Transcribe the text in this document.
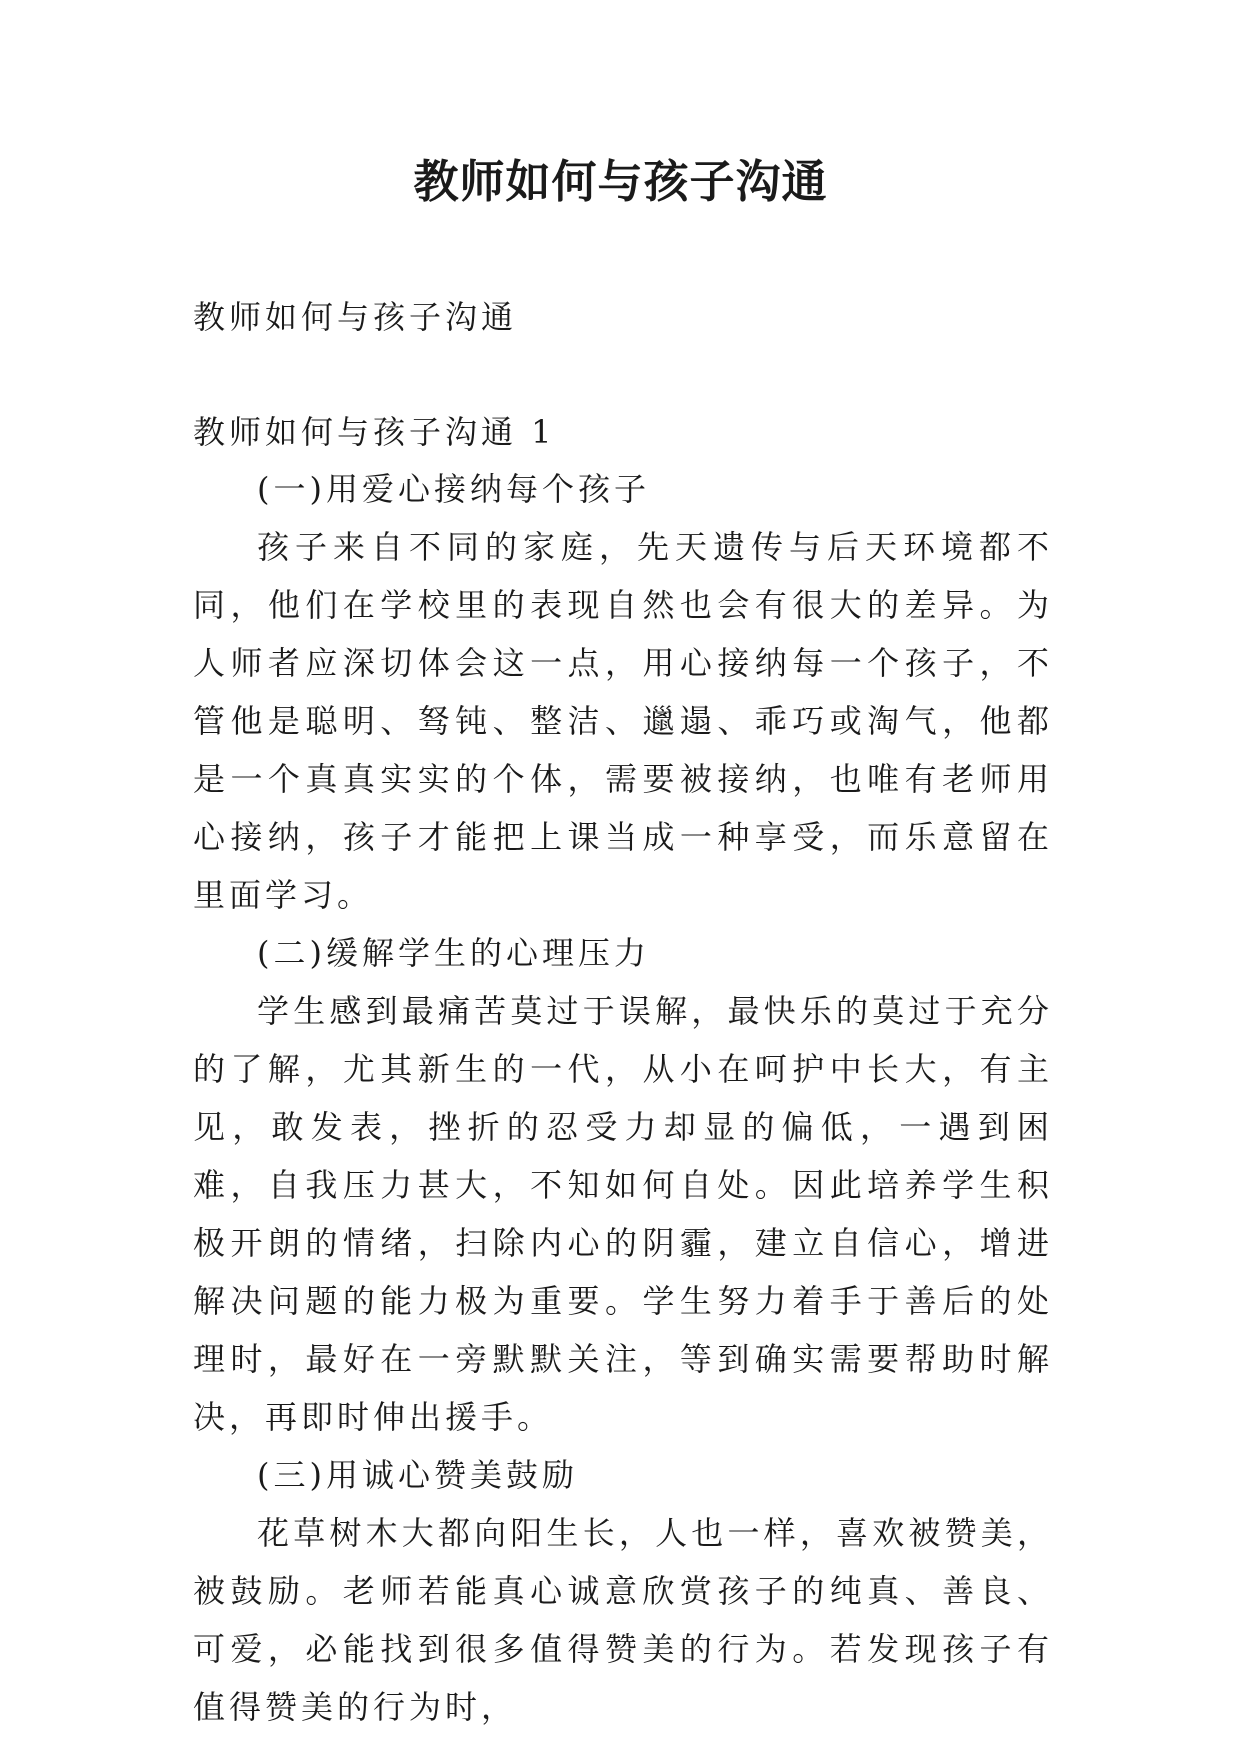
教师如何与孩子沟通
教师如何与孩子沟通
教师如何与孩子沟通 1

(一)用爱心接纳每个孩子

孩子来自不同的家庭，先天遗传与后天环境都不同，他们在学校里的表现自然也会有很大的差异。为人师者应深切体会这一点，用心接纳每一个孩子，不管他是聪明、驽钝、整洁、邋遢、乖巧或淘气，他都是一个真真实实的个体，需要被接纳，也唯有老师用心接纳，孩子才能把上课当成一种享受，而乐意留在里面学习。

(二)缓解学生的心理压力

学生感到最痛苦莫过于误解，最快乐的莫过于充分的了解，尤其新生的一代，从小在呵护中长大，有主见，敢发表，挫折的忍受力却显的偏低，一遇到困难，自我压力甚大，不知如何自处。因此培养学生积极开朗的情绪，扫除内心的阴霾，建立自信心，增进解决问题的能力极为重要。学生努力着手于善后的处理时，最好在一旁默默关注，等到确实需要帮助时解决，再即时伸出援手。

(三)用诚心赞美鼓励

花草树木大都向阳生长，人也一样，喜欢被赞美，被鼓励。老师若能真心诚意欣赏孩子的纯真、善良、可爱，必能找到很多值得赞美的行为。若发现孩子有值得赞美的行为时，
